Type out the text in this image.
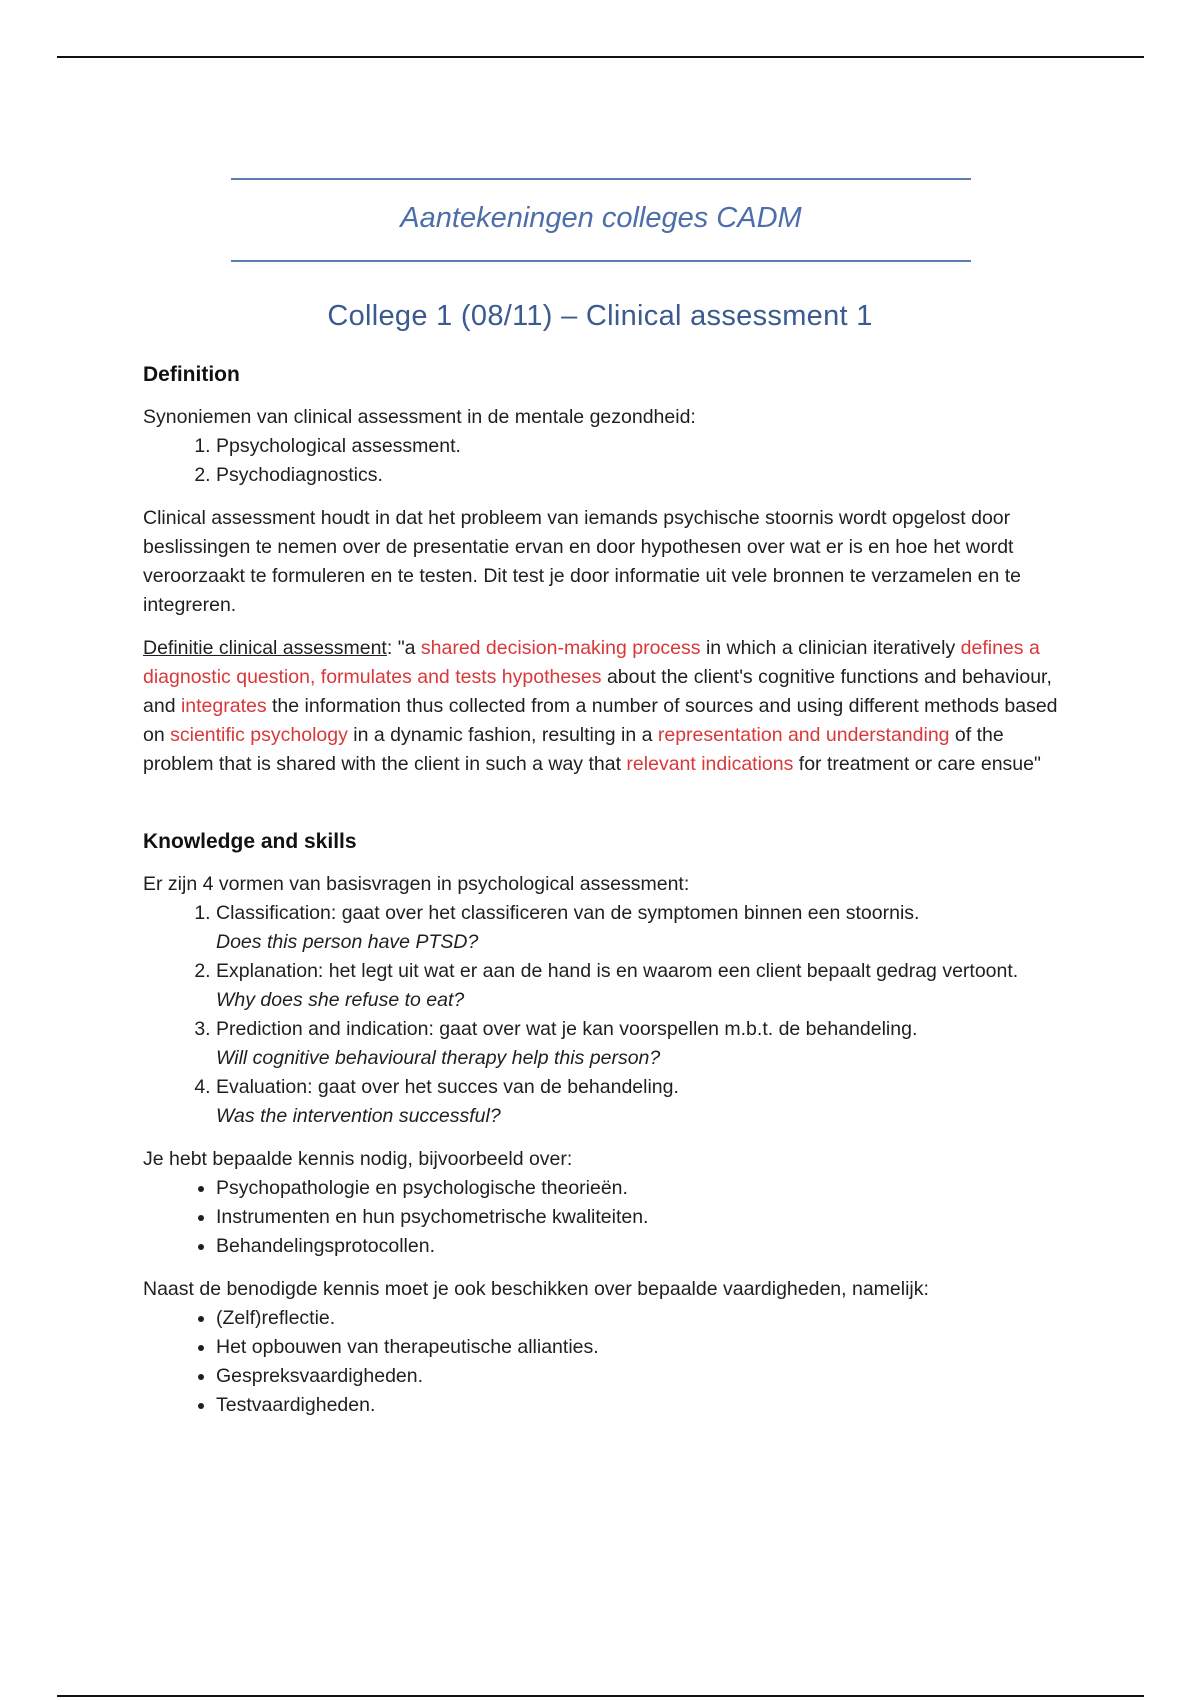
Aantekeningen colleges CADM
College 1 (08/11) – Clinical assessment 1
Definition

Synoniemen van clinical assessment in de mentale gezondheid:

1. Ppsychological assessment.
2. Psychodiagnostics.

Clinical assessment houdt in dat het probleem van iemands psychische stoornis wordt opgelost door beslissingen te nemen over de presentatie ervan en door hypothesen over wat er is en hoe het wordt veroorzaakt te formuleren en te testen. Dit test je door informatie uit vele bronnen te verzamelen en te integreren.

Definitie clinical assessment: "a shared decision-making process in which a clinician iteratively defines a diagnostic question, formulates and tests hypotheses about the client's cognitive functions and behaviour, and integrates the information thus collected from a number of sources and using different methods based on scientific psychology in a dynamic fashion, resulting in a representation and understanding of the problem that is shared with the client in such a way that relevant indications for treatment or care ensue"

Knowledge and skills

Er zijn 4 vormen van basisvragen in psychological assessment:

1. Classification: gaat over het classificeren van de symptomen binnen een stoornis.
Does this person have PTSD?
2. Explanation: het legt uit wat er aan de hand is en waarom een client bepaalt gedrag vertoont.
Why does she refuse to eat?
3. Prediction and indication: gaat over wat je kan voorspellen m.b.t. de behandeling.
Will cognitive behavioural therapy help this person?
4. Evaluation: gaat over het succes van de behandeling.
Was the intervention successful?

Je hebt bepaalde kennis nodig, bijvoorbeeld over:

• Psychopathologie en psychologische theorieën.
• Instrumenten en hun psychometrische kwaliteiten.
• Behandelingsprotocollen.

Naast de benodigde kennis moet je ook beschikken over bepaalde vaardigheden, namelijk:

• (Zelf)reflectie.
• Het opbouwen van therapeutische allianties.
• Gespreksvaardigheden.
• Testvaardigheden.
